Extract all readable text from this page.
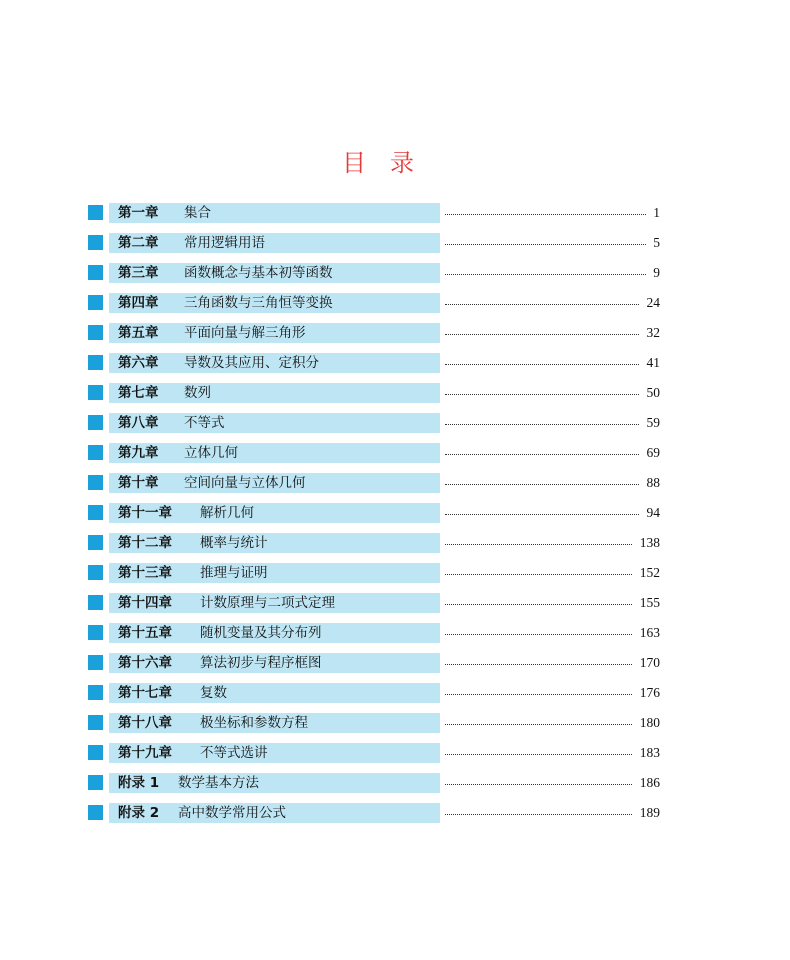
目 录
第一章 集合	1
第二章 常用逻辑用语	5
第三章 函数概念与基本初等函数	9
第四章 三角函数与三角恒等变换	24
第五章 平面向量与解三角形	32
第六章 导数及其应用、定积分	41
第七章 数列	50
第八章 不等式	59
第九章 立体几何	69
第十章 空间向量与立体几何	88
第十一章 解析几何	94
第十二章 概率与统计	138
第十三章 推理与证明	152
第十四章 计数原理与二项式定理	155
第十五章 随机变量及其分布列	163
第十六章 算法初步与程序框图	170
第十七章 复数	176
第十八章 极坐标和参数方程	180
第十九章 不等式选讲	183
附录 1 数学基本方法	186
附录 2 高中数学常用公式	189
